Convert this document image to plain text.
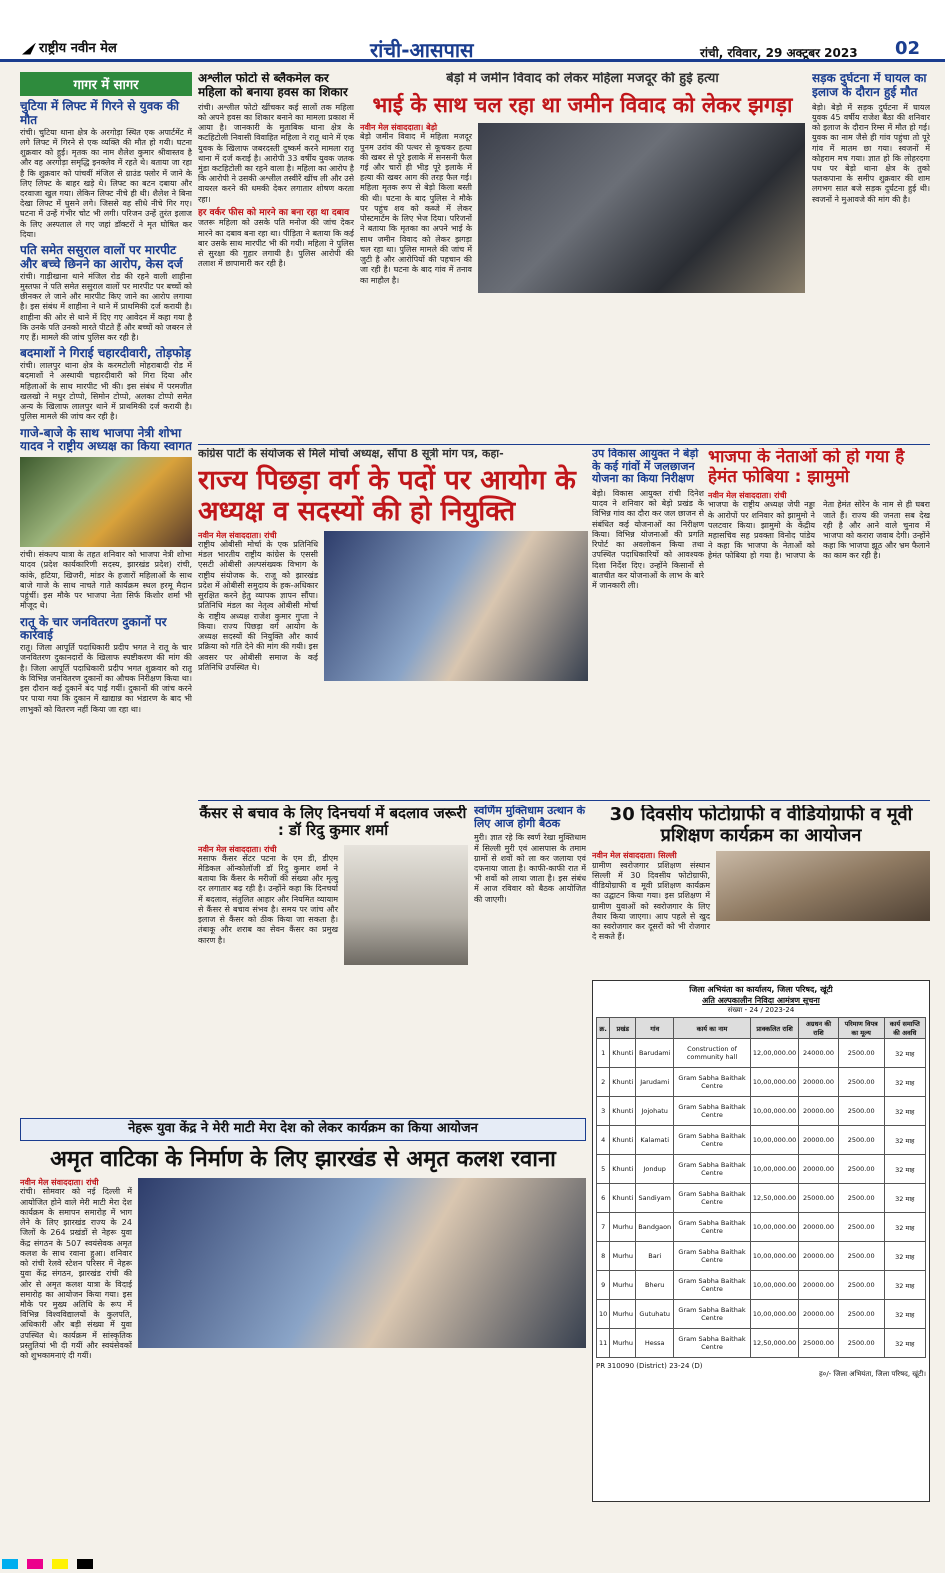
राष्ट्रीय नवीन मेल	रांची-आसपास	रांची, रविवार, 29 अक्टूबर 2023 02
गागर में सागर
चुटिया में लिफ्ट में गिरने से युवक की मौत
रांची। चुटिया थाना क्षेत्र के अरगोड़ा स्थित एक अपार्टमेंट में लगे लिफ्ट में गिरने से एक व्यक्ति की मौत हो गयी। घटना शुक्रवार को हुई। मृतक का नाम शैलेश कुमार श्रीवास्तव है और वह अरगोड़ा समृद्धि इनक्लेव में रहते थे। बताया जा रहा है कि शुक्रवार को पांचवीं मंजिल से ग्राउंड फ्लोर में जाने के लिए लिफ्ट के बाहर खड़े थे। लिफ्ट का बटन दबाया और दरवाजा खुल गया। लेकिन लिफ्ट नीचे ही थी। शैलेश ने बिना देखा लिफ्ट में घुसने लगे। जिससे वह सीधे नीचे गिर गए। घटना में उन्हें गंभीर चोट भी लगी। परिजन उन्हें तुरंत इलाज के लिए अस्पताल ले गए जहां डॉक्टरों ने मृत घोषित कर दिया।
पति समेत ससुराल वालों पर मारपीट और बच्चे छिनने का आरोप, केस दर्ज
रांची। गाड़ीखाना थाने मंजिल रोड की रहने वाली शाहीना मुस्तफा ने पति समेत ससुराल वालों पर मारपीट पर बच्चों को छीनकर ले जाने और मारपीट किए जाने का आरोप लगाया है। इस संबंध में शाहीना ने थाने में प्राथमिकी दर्ज करायी है। शाहीना की ओर से थाने में दिए गए आवेदन में कहा गया है कि उनके पति उनको मारते पीटते हैं और बच्चों को जबरन ले गए हैं। मामले की जांच पुलिस कर रही है।
बदमाशों ने गिराई चहारदीवारी, तोड़फोड़
रांची। लालपुर थाना क्षेत्र के करमटोली मोहराबादी रोड में बदमाशों ने अस्थायी चहारदीवारी को गिरा दिया और महिलाओं के साथ मारपीट भी की। इस संबंध में परमजीत खलखो ने मधुर टोप्पो, सिमोन टोप्पो, अलका टोप्पो समेत अन्य के खिलाफ लालपुर थाने में प्राथमिकी दर्ज करायी है। पुलिस मामले की जांच कर रही है।
गाजे-बाजे के साथ भाजपा नेत्री शोभा यादव ने राष्ट्रीय अध्यक्ष का किया स्वागत
रांची। संकल्प यात्रा के तहत शनिवार को भाजपा नेत्री शोभा यादव (प्रदेश कार्यकारिणी सदस्य, झारखंड प्रदेश) रांची, कांके, हटिया, खिजरी, मांडर के हजारों महिलाओं के साथ बाजे गाजे के साथ नाचते गाते कार्यक्रम स्थल हरमू मैदान पहुंचीं। इस मौके पर भाजपा नेता सिर्फ किशोर शर्मा भी मौजूद थे।
रातू के चार जनवितरण दुकानों पर कार्रवाई
रातू। जिला आपूर्ति पदाधिकारी प्रदीप भगत ने रातू के चार जनवितरण दुकानदारों के खिलाफ स्पष्टीकरण की मांग की है। जिला आपूर्ति पदाधिकारी प्रदीप भगत शुक्रवार को रातू के विभिन्न जनवितरण दुकानों का औचक निरीक्षण किया था। इस दौरान कई दुकानें बंद पाई गयीं। दुकानों की जांच करने पर पाया गया कि दुकान में खाद्यान्न का भंडारण के बाद भी लाभुकों को वितरण नहीं किया जा रहा था।
अश्लील फोटो से ब्लैकमेल कर महिला को बनाया हवस का शिकार
रांची। अश्लील फोटो खींचकर कई सालों तक महिला को अपने हवस का शिकार बनाने का मामला प्रकाश में आया है। जानकारी के मुताबिक थाना क्षेत्र के कटहिटोली निवासी विवाहित महिला ने रातू थाने में एक युवक के खिलाफ जबरदस्ती दुष्कर्म करने मामला रातू थाना में दर्ज कराई है। आरोपी 33 वर्षीय युवक जतक मुंडा कटहिटोली का रहने वाला है। महिला का आरोप है कि आरोपी ने उसकी अश्लील तस्वीरें खींच ली और उसे वायरल करने की धमकी देकर लगातार शोषण करता रहा।
हर वर्कर फीस को मारने का बना रहा था दबाव
जतरू महिला को उसके पति मनोज की जांच देकर मारने का दबाव बना रहा था। पीड़िता ने बताया कि कई बार उसके साथ मारपीट भी की गयी। महिला ने पुलिस से सुरक्षा की गुहार लगायी है। पुलिस आरोपी की तलाश में छापामारी कर रही है।
बेड़ो में जमीन विवाद को लेकर महिला मजदूर की हुई हत्या
भाई के साथ चल रहा था जमीन विवाद को लेकर झगड़ा
नवीन मेल संवाददाता। बेड़ो
बेड़ो जमीन विवाद में महिला मजदूर पुनम उरांव की पत्थर से कूचकर हत्या की खबर से पूरे इलाके में सनसनी फैल गई और चारों ही भीड़ पूरे इलाके में हत्या की खबर आग की तरह फैल गई। महिला मृतक रूप से बेड़ो किला बस्ती की थी। घटना के बाद पुलिस ने मौके पर पहुंच शव को कब्जे में लेकर पोस्टमार्टम के लिए भेज दिया। परिजनों ने बताया कि मृतका का अपने भाई के साथ जमीन विवाद को लेकर झगड़ा चल रहा था। पुलिस मामले की जांच में जुटी है और आरोपियों की पहचान की जा रही है। घटना के बाद गांव में तनाव का माहौल है।
सड़क दुर्घटना में घायल का इलाज के दौरान हुई मौत
बेड़ो। बेड़ो में सड़क दुर्घटना में घायल युवक 45 वर्षीय राजेश बैठा की शनिवार को इलाज के दौरान रिम्स में मौत हो गई। युवक का नाम जैसे ही गांव पहुंचा तो पूरे गांव में मातम छा गया। स्वजनों में कोहराम मच गया। ज्ञात हो कि लोहरदगा पथ पर बेड़ो थाना क्षेत्र के तुको फतकपाना के समीप शुक्रवार की शाम लगभग सात बजे सड़क दुर्घटना हुई थी। स्वजनों ने मुआवजे की मांग की है।
कांग्रेस पार्टी के संयोजक से मिले मोर्चा अध्यक्ष, सौंपा 8 सूत्री मांग पत्र, कहा-
राज्य पिछड़ा वर्ग के पदों पर आयोग के अध्यक्ष व सदस्यों की हो नियुक्ति
नवीन मेल संवाददाता। रांची
राष्ट्रीय ओबीसी मोर्चा के एक प्रतिनिधि मंडल भारतीय राष्ट्रीय कांग्रेस के एससी एसटी ओबीसी अल्पसंख्यक विभाग के राष्ट्रीय संयोजक के. राजू को झारखंड प्रदेश में ओबीसी समुदाय के हक-अधिकार सुरक्षित करने हेतु व्यापक ज्ञापन सौंपा। प्रतिनिधि मंडल का नेतृत्व ओबीसी मोर्चा के राष्ट्रीय अध्यक्ष राजेश कुमार गुप्ता ने किया। राज्य पिछड़ा वर्ग आयोग के अध्यक्ष सदस्यों की नियुक्ति और कार्य प्रक्रिया को गति देने की मांग की गयी। इस अवसर पर ओबीसी समाज के कई प्रतिनिधि उपस्थित थे।
उप विकास आयुक्त ने बेड़ो के कई गांवों में जलछाजन योजना का किया निरीक्षण
बेड़ो। विकास आयुक्त रांची दिनेश यादव ने शनिवार को बेड़ो प्रखंड के विभिन्न गांव का दौरा कर जल छाजन से संबंधित कई योजनाओं का निरीक्षण किया। विभिन्न योजनाओं की प्रगति रिपोर्ट का अवलोकन किया तथा उपस्थित पदाधिकारियों को आवश्यक दिशा निर्देश दिए। उन्होंने किसानों से बातचीत कर योजनाओं के लाभ के बारे में जानकारी ली।
भाजपा के नेताओं को हो गया है हेमंत फोबिया : झामुमो
नवीन मेल संवाददाता। रांची
भाजपा के राष्ट्रीय अध्यक्ष जेपी नड्डा के आरोपों पर शनिवार को झामुमो ने पलटवार किया। झामुमो के केंद्रीय महासचिव सह प्रवक्ता विनोद पांडेय ने कहा कि भाजपा के नेताओं को हेमंत फोबिया हो गया है। भाजपा के नेता हेमंत सोरेन के नाम से ही घबरा जाते हैं। राज्य की जनता सब देख रही है और आने वाले चुनाव में भाजपा को करारा जवाब देगी। उन्होंने कहा कि भाजपा झूठ और भ्रम फैलाने का काम कर रही है।
कैंसर से बचाव के लिए दिनचर्या में बदलाव जरूरी : डॉ रिदु कुमार शर्मा
नवीन मेल संवाददाता। रांची
मसाफ कैंसर सेंटर पटना के एम डी, डीएम मेडिकल ऑन्कोलॉजी डॉ रिदु कुमार शर्मा ने बताया कि कैंसर के मरीजों की संख्या और मृत्यु दर लगातार बढ़ रही है। उन्होंने कहा कि दिनचर्या में बदलाव, संतुलित आहार और नियमित व्यायाम से कैंसर से बचाव संभव है। समय पर जांच और इलाज से कैंसर को ठीक किया जा सकता है। तंबाकू और शराब का सेवन कैंसर का प्रमुख कारण है।
स्वर्णिम मुक्तिधाम उत्थान के लिए आज होगी बैठक
मुरी। ज्ञात रहे कि स्वर्ण रेखा मुक्तिधाम में सिल्ली मुरी एवं आसपास के तमाम ग्रामों से शवों को ला कर जलाया एवं दफनाया जाता है। काफी-काफी रात में भी शवों को लाया जाता है। इस संबंध में आज रविवार को बैठक आयोजित की जाएगी।
30 दिवसीय फोटोग्राफी व वीडियोग्राफी व मूवी प्रशिक्षण कार्यक्रम का आयोजन
नवीन मेल संवाददाता। सिल्ली
ग्रामीण स्वरोजगार प्रशिक्षण संस्थान सिल्ली में 30 दिवसीय फोटोग्राफी, वीडियोग्राफी व मूवी प्रशिक्षण कार्यक्रम का उद्घाटन किया गया। इस प्रशिक्षण में ग्रामीण युवाओं को स्वरोजगार के लिए तैयार किया जाएगा। आप पहले से खुद का स्वरोजगार कर दूसरों को भी रोजगार दे सकते हैं।
जिला अभियंता का कार्यालय, जिला परिषद, खूंटी
अति अल्पकालीन निविदा आमंत्रण सूचना
संख्या - 24 / 2023-24
क्र.	प्रखंड	गांव	कार्य का नाम	प्राक्कलित राशि	अग्रधन की राशि	परिमाण विपत्र का मूल्य	कार्य समाप्ति की अवधि
1	Khunti	Barudami	Construction of community hall	12,00,000.00	24000.00	2500.00	32 माह
2	Khunti	Jarudami	Gram Sabha Baithak Centre	10,00,000.00	20000.00	2500.00	32 माह
3	Khunti	Jojohatu	Gram Sabha Baithak Centre	10,00,000.00	20000.00	2500.00	32 माह
4	Khunti	Kalamati	Gram Sabha Baithak Centre	10,00,000.00	20000.00	2500.00	32 माह
5	Khunti	Jondup	Gram Sabha Baithak Centre	10,00,000.00	20000.00	2500.00	32 माह
6	Khunti	Sandiyam	Gram Sabha Baithak Centre	12,50,000.00	25000.00	2500.00	32 माह
7	Murhu	Bandgaon	Gram Sabha Baithak Centre	10,00,000.00	20000.00	2500.00	32 माह
8	Murhu	Bari	Gram Sabha Baithak Centre	10,00,000.00	20000.00	2500.00	32 माह
9	Murhu	Bheru	Gram Sabha Baithak Centre	10,00,000.00	20000.00	2500.00	32 माह
10	Murhu	Gutuhatu	Gram Sabha Baithak Centre	10,00,000.00	20000.00	2500.00	32 माह
11	Murhu	Hessa	Gram Sabha Baithak Centre	12,50,000.00	25000.00	2500.00	32 माह
PR 310090 (District) 23-24 (D)
ह०/- जिला अभियंता, जिला परिषद, खूंटी।
नेहरू युवा केंद्र ने मेरी माटी मेरा देश को लेकर कार्यक्रम का किया आयोजन
अमृत वाटिका के निर्माण के लिए झारखंड से अमृत कलश रवाना
नवीन मेल संवाददाता। रांची
रांची। सोमवार को नई दिल्ली में आयोजित होने वाले मेरी माटी मेरा देश कार्यक्रम के समापन समारोह में भाग लेने के लिए झारखंड राज्य के 24 जिलों के 264 प्रखंडों से नेहरू युवा केंद्र संगठन के 507 स्वयंसेवक अमृत कलश के साथ रवाना हुआ। शनिवार को रांची रेलवे स्टेशन परिसर में नेहरू युवा केंद्र संगठन, झारखंड रांची की ओर से अमृत कलश यात्रा के विदाई समारोह का आयोजन किया गया। इस मौके पर मुख्य अतिथि के रूप में विभिन्न विश्वविद्यालयों के कुलपति, अधिकारी और बड़ी संख्या में युवा उपस्थित थे। कार्यक्रम में सांस्कृतिक प्रस्तुतियां भी दी गयीं और स्वयंसेवकों को शुभकामनाएं दी गयीं।
